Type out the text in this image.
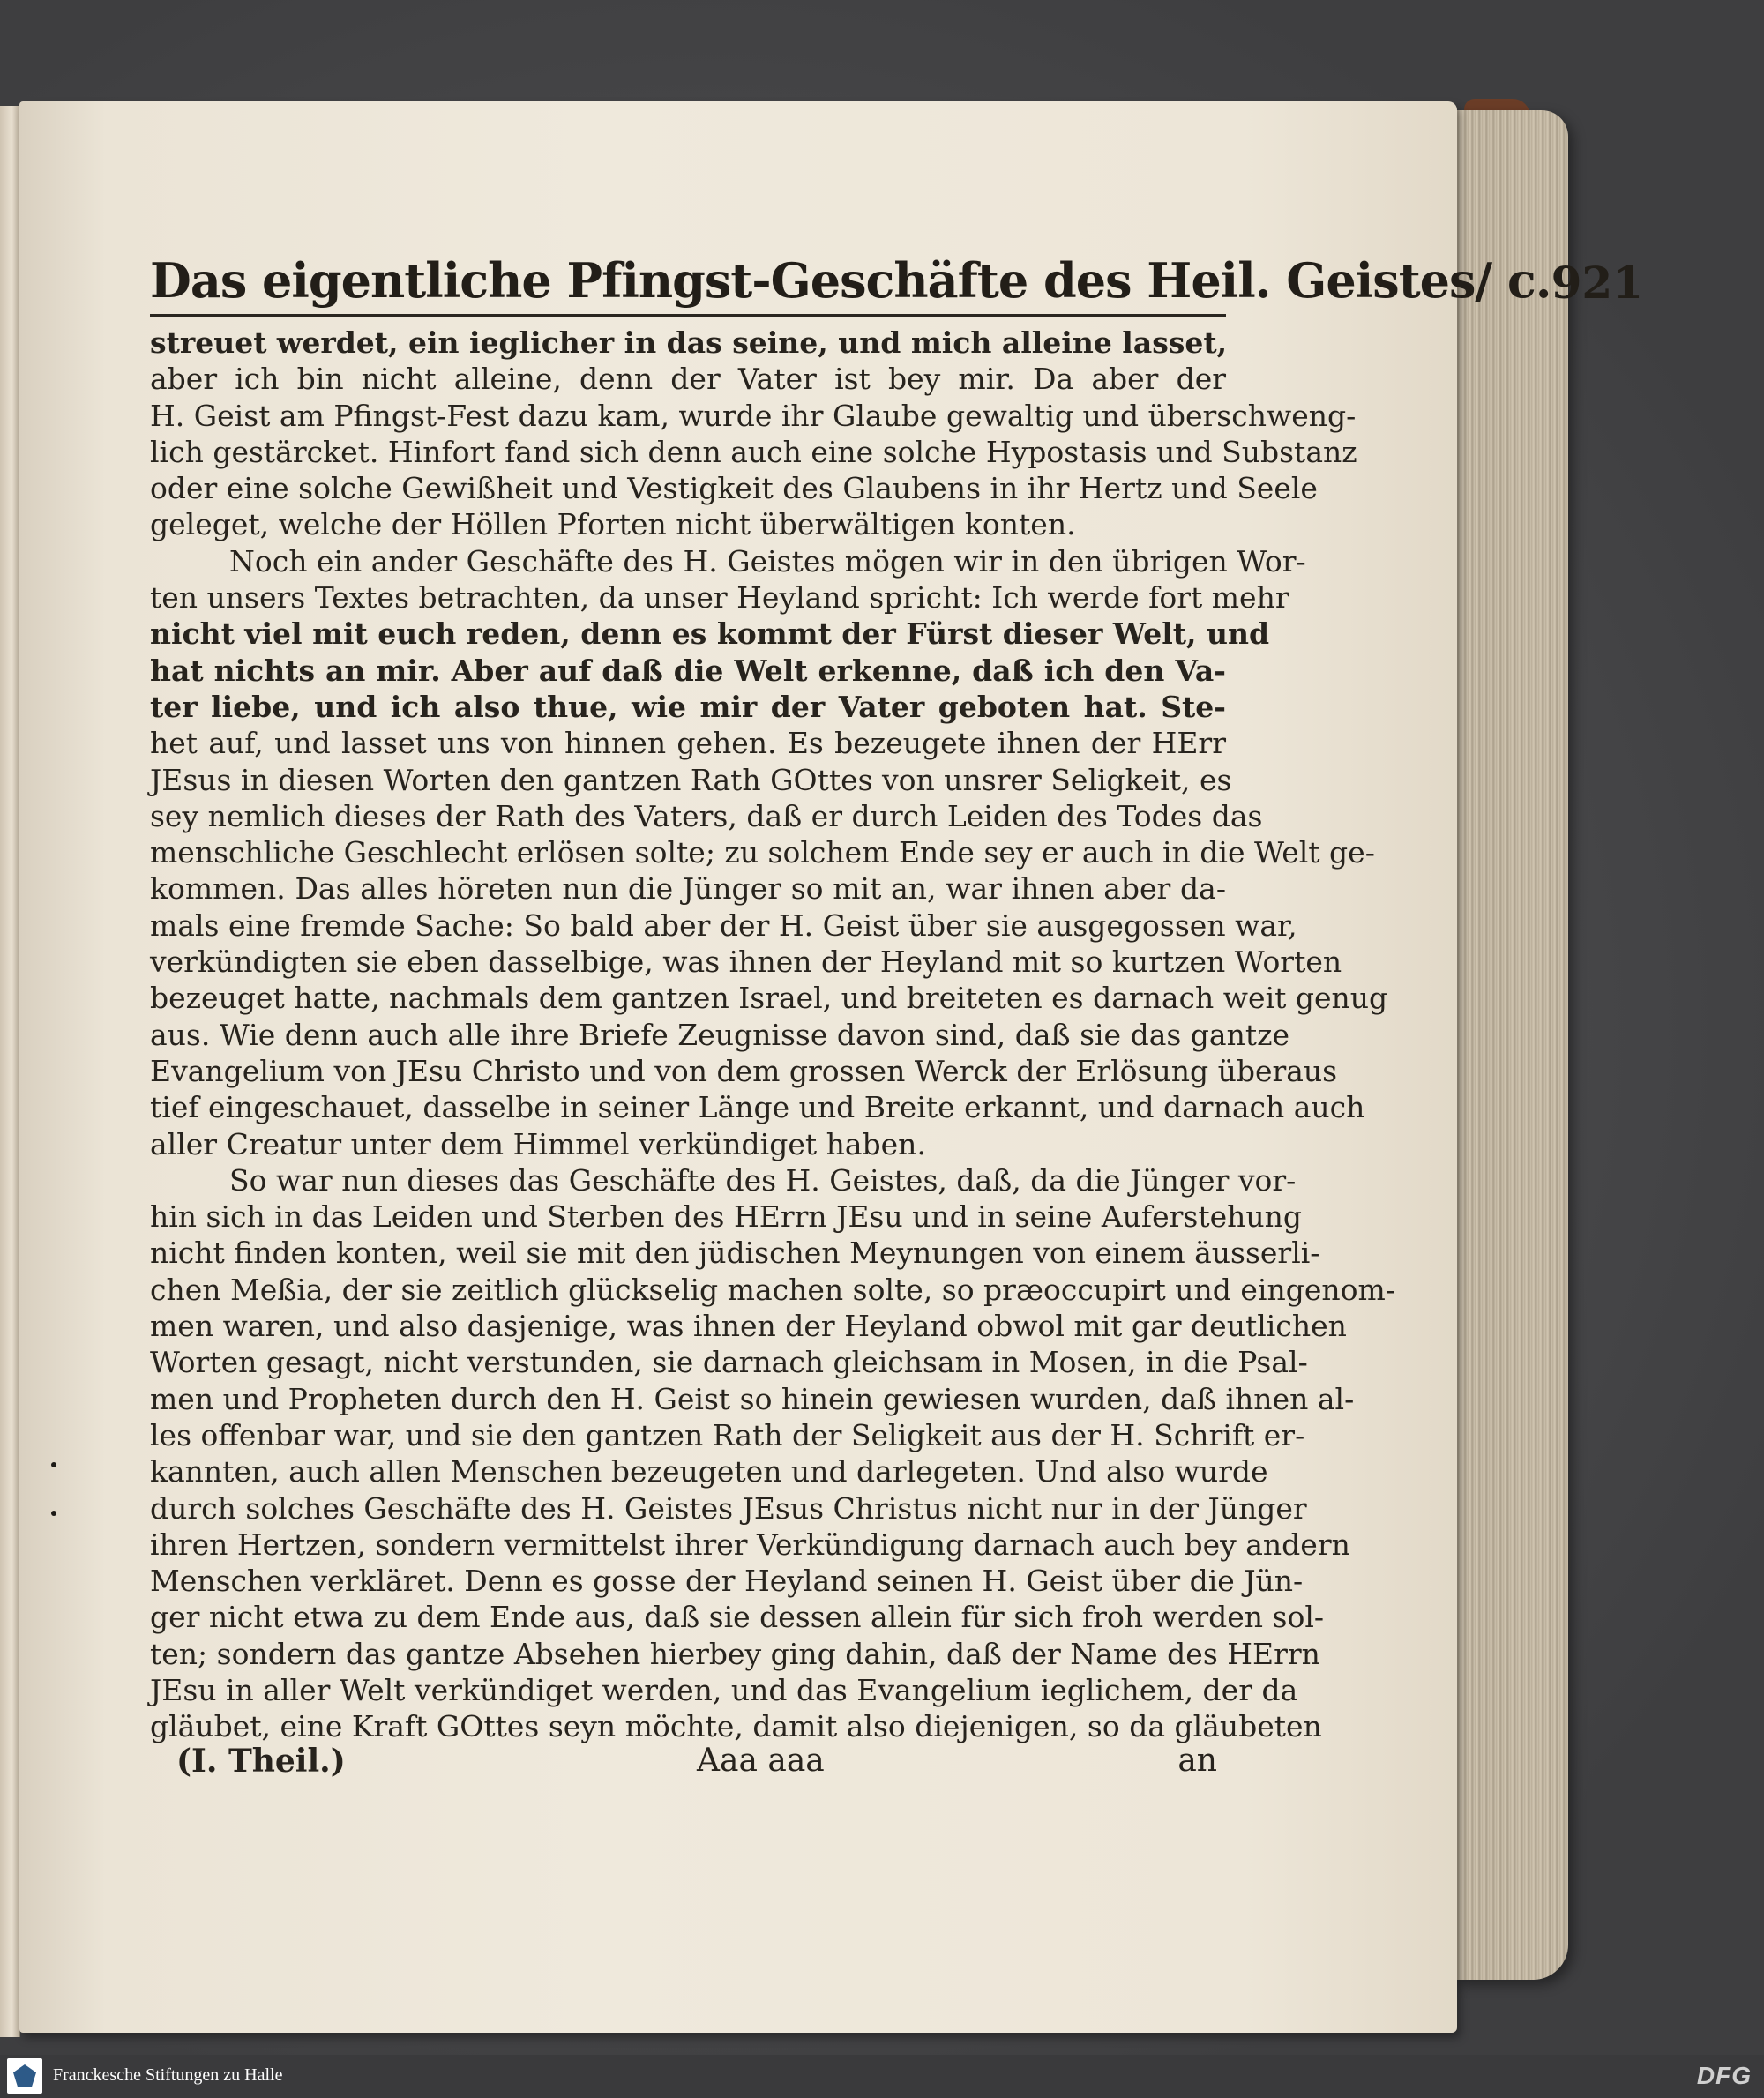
Das eigentliche Pfingst-Geschäfte des Heil. Geistes/ c. 921
streuet werdet, ein ieglicher in das seine, und mich alleine lasset,
aber ich bin nicht alleine, denn der Vater ist bey mir. Da aber der
H. Geist am Pfingst-Fest dazu kam, wurde ihr Glaube gewaltig und überschweng-
lich gestärcket. Hinfort fand sich denn auch eine solche Hypostasis und Substanz
oder eine solche Gewißheit und Vestigkeit des Glaubens in ihr Hertz und Seele
geleget, welche der Höllen Pforten nicht überwältigen konten.
Noch ein ander Geschäfte des H. Geistes mögen wir in den übrigen Wor-
ten unsers Textes betrachten, da unser Heyland spricht: Ich werde fort mehr
nicht viel mit euch reden, denn es kommt der Fürst dieser Welt, und
hat nichts an mir. Aber auf daß die Welt erkenne, daß ich den Va-
ter liebe, und ich also thue, wie mir der Vater geboten hat. Ste-
het auf, und lasset uns von hinnen gehen. Es bezeugete ihnen der HErr
JEsus in diesen Worten den gantzen Rath GOttes von unsrer Seligkeit, es
sey nemlich dieses der Rath des Vaters, daß er durch Leiden des Todes das
menschliche Geschlecht erlösen solte; zu solchem Ende sey er auch in die Welt ge-
kommen. Das alles höreten nun die Jünger so mit an, war ihnen aber da-
mals eine fremde Sache: So bald aber der H. Geist über sie ausgegossen war,
verkündigten sie eben dasselbige, was ihnen der Heyland mit so kurtzen Worten
bezeuget hatte, nachmals dem gantzen Israel, und breiteten es darnach weit genug
aus. Wie denn auch alle ihre Briefe Zeugnisse davon sind, daß sie das gantze
Evangelium von JEsu Christo und von dem grossen Werck der Erlösung überaus
tief eingeschauet, dasselbe in seiner Länge und Breite erkannt, und darnach auch
aller Creatur unter dem Himmel verkündiget haben.
So war nun dieses das Geschäfte des H. Geistes, daß, da die Jünger vor-
hin sich in das Leiden und Sterben des HErrn JEsu und in seine Auferstehung
nicht finden konten, weil sie mit den jüdischen Meynungen von einem äusserli-
chen Meßia, der sie zeitlich glückselig machen solte, so præoccupirt und eingenom-
men waren, und also dasjenige, was ihnen der Heyland obwol mit gar deutlichen
Worten gesagt, nicht verstunden, sie darnach gleichsam in Mosen, in die Psal-
men und Propheten durch den H. Geist so hinein gewiesen wurden, daß ihnen al-
les offenbar war, und sie den gantzen Rath der Seligkeit aus der H. Schrift er-
kannten, auch allen Menschen bezeugeten und darlegeten. Und also wurde
durch solches Geschäfte des H. Geistes JEsus Christus nicht nur in der Jünger
ihren Hertzen, sondern vermittelst ihrer Verkündigung darnach auch bey andern
Menschen verkläret. Denn es gosse der Heyland seinen H. Geist über die Jün-
ger nicht etwa zu dem Ende aus, daß sie dessen allein für sich froh werden sol-
ten; sondern das gantze Absehen hierbey ging dahin, daß der Name des HErrn
JEsu in aller Welt verkündiget werden, und das Evangelium ieglichem, der da
gläubet, eine Kraft GOttes seyn möchte, damit also diejenigen, so da gläubeten
(I. Theil.)	Aaa aaa	an
Franckesche Stiftungen zu Halle	DFG
